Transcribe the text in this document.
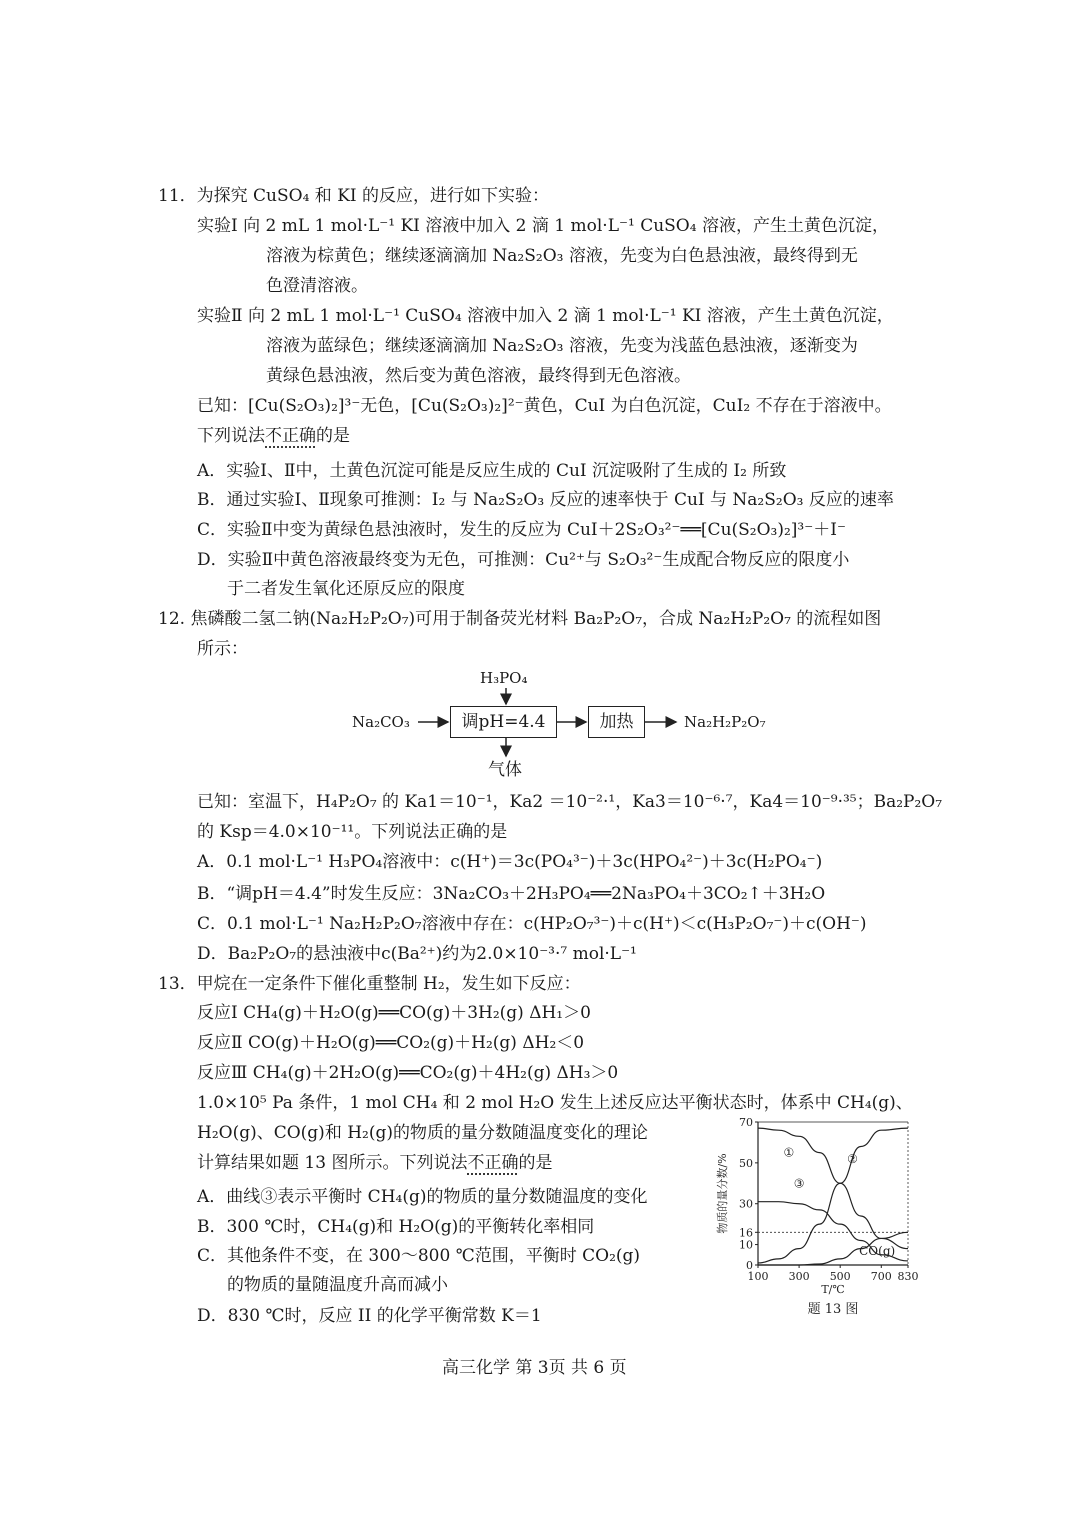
11．为探究 CuSO₄ 和 KI 的反应，进行如下实验：
实验Ⅰ 向 2 mL 1 mol·L⁻¹ KI 溶液中加入 2 滴 1 mol·L⁻¹ CuSO₄ 溶液，产生土黄色沉淀，
溶液为棕黄色；继续逐滴滴加 Na₂S₂O₃ 溶液，先变为白色悬浊液，最终得到无
色澄清溶液。
实验Ⅱ 向 2 mL 1 mol·L⁻¹ CuSO₄ 溶液中加入 2 滴 1 mol·L⁻¹ KI 溶液，产生土黄色沉淀，
溶液为蓝绿色；继续逐滴滴加 Na₂S₂O₃ 溶液，先变为浅蓝色悬浊液，逐渐变为
黄绿色悬浊液，然后变为黄色溶液，最终得到无色溶液。
已知：[Cu(S₂O₃)₂]³⁻无色，[Cu(S₂O₃)₂]²⁻黄色，CuI 为白色沉淀，CuI₂ 不存在于溶液中。
下列说法不正确的是
A．实验Ⅰ、Ⅱ中，土黄色沉淀可能是反应生成的 CuI 沉淀吸附了生成的 I₂ 所致
B．通过实验Ⅰ、Ⅱ现象可推测：I₂ 与 Na₂S₂O₃ 反应的速率快于 CuI 与 Na₂S₂O₃ 反应的速率
C．实验Ⅱ中变为黄绿色悬浊液时，发生的反应为 CuI＋2S₂O₃²⁻══[Cu(S₂O₃)₂]³⁻＋I⁻
D．实验Ⅱ中黄色溶液最终变为无色，可推测：Cu²⁺与 S₂O₃²⁻生成配合物反应的限度小
于二者发生氧化还原反应的限度
12. 焦磷酸二氢二钠(Na₂H₂P₂O₇)可用于制备荧光材料 Ba₂P₂O₇，合成 Na₂H₂P₂O₇ 的流程如图
所示：
H₃PO₄
Na₂CO₃	调pH=4.4	加热	Na₂H₂P₂O₇
气体
已知：室温下，H₄P₂O₇ 的 Ka1＝10⁻¹，Ka2 ＝10⁻²·¹，Ka3＝10⁻⁶·⁷，Ka4＝10⁻⁹·³⁵；Ba₂P₂O₇
的 Ksp＝4.0×10⁻¹¹。下列说法正确的是
A．0.1 mol·L⁻¹ H₃PO₄溶液中：c(H⁺)＝3c(PO₄³⁻)＋3c(HPO₄²⁻)＋3c(H₂PO₄⁻)
B．“调pH＝4.4”时发生反应：3Na₂CO₃＋2H₃PO₄══2Na₃PO₄＋3CO₂↑＋3H₂O
C．0.1 mol·L⁻¹ Na₂H₂P₂O₇溶液中存在：c(HP₂O₇³⁻)＋c(H⁺)＜c(H₃P₂O₇⁻)＋c(OH⁻)
D．Ba₂P₂O₇的悬浊液中c(Ba²⁺)约为2.0×10⁻³·⁷ mol·L⁻¹
13．甲烷在一定条件下催化重整制 H₂，发生如下反应：
反应Ⅰ CH₄(g)＋H₂O(g)══CO(g)＋3H₂(g) ΔH₁＞0
反应Ⅱ CO(g)＋H₂O(g)══CO₂(g)＋H₂(g) ΔH₂＜0
反应Ⅲ CH₄(g)＋2H₂O(g)══CO₂(g)＋4H₂(g) ΔH₃＞0
1.0×10⁵ Pa 条件，1 mol CH₄ 和 2 mol H₂O 发生上述反应达平衡状态时，体系中 CH₄(g)、
H₂O(g)、CO(g)和 H₂(g)的物质的量分数随温度变化的理论
计算结果如题 13 图所示。下列说法不正确的是
A．曲线③表示平衡时 CH₄(g)的物质的量分数随温度的变化
B．300 ℃时，CH₄(g)和 H₂O(g)的平衡转化率相同
C．其他条件不变，在 300～800 ℃范围，平衡时 CO₂(g)
的物质的量随温度升高而减小
D．830 ℃时，反应 II 的化学平衡常数 K＝1
100 300 500 700 830
0
10
16
30
50
70
T/℃
物质的量分数/%
①	②
③
CO(g)
题 13 图
高三化学 第 3页 共 6 页
